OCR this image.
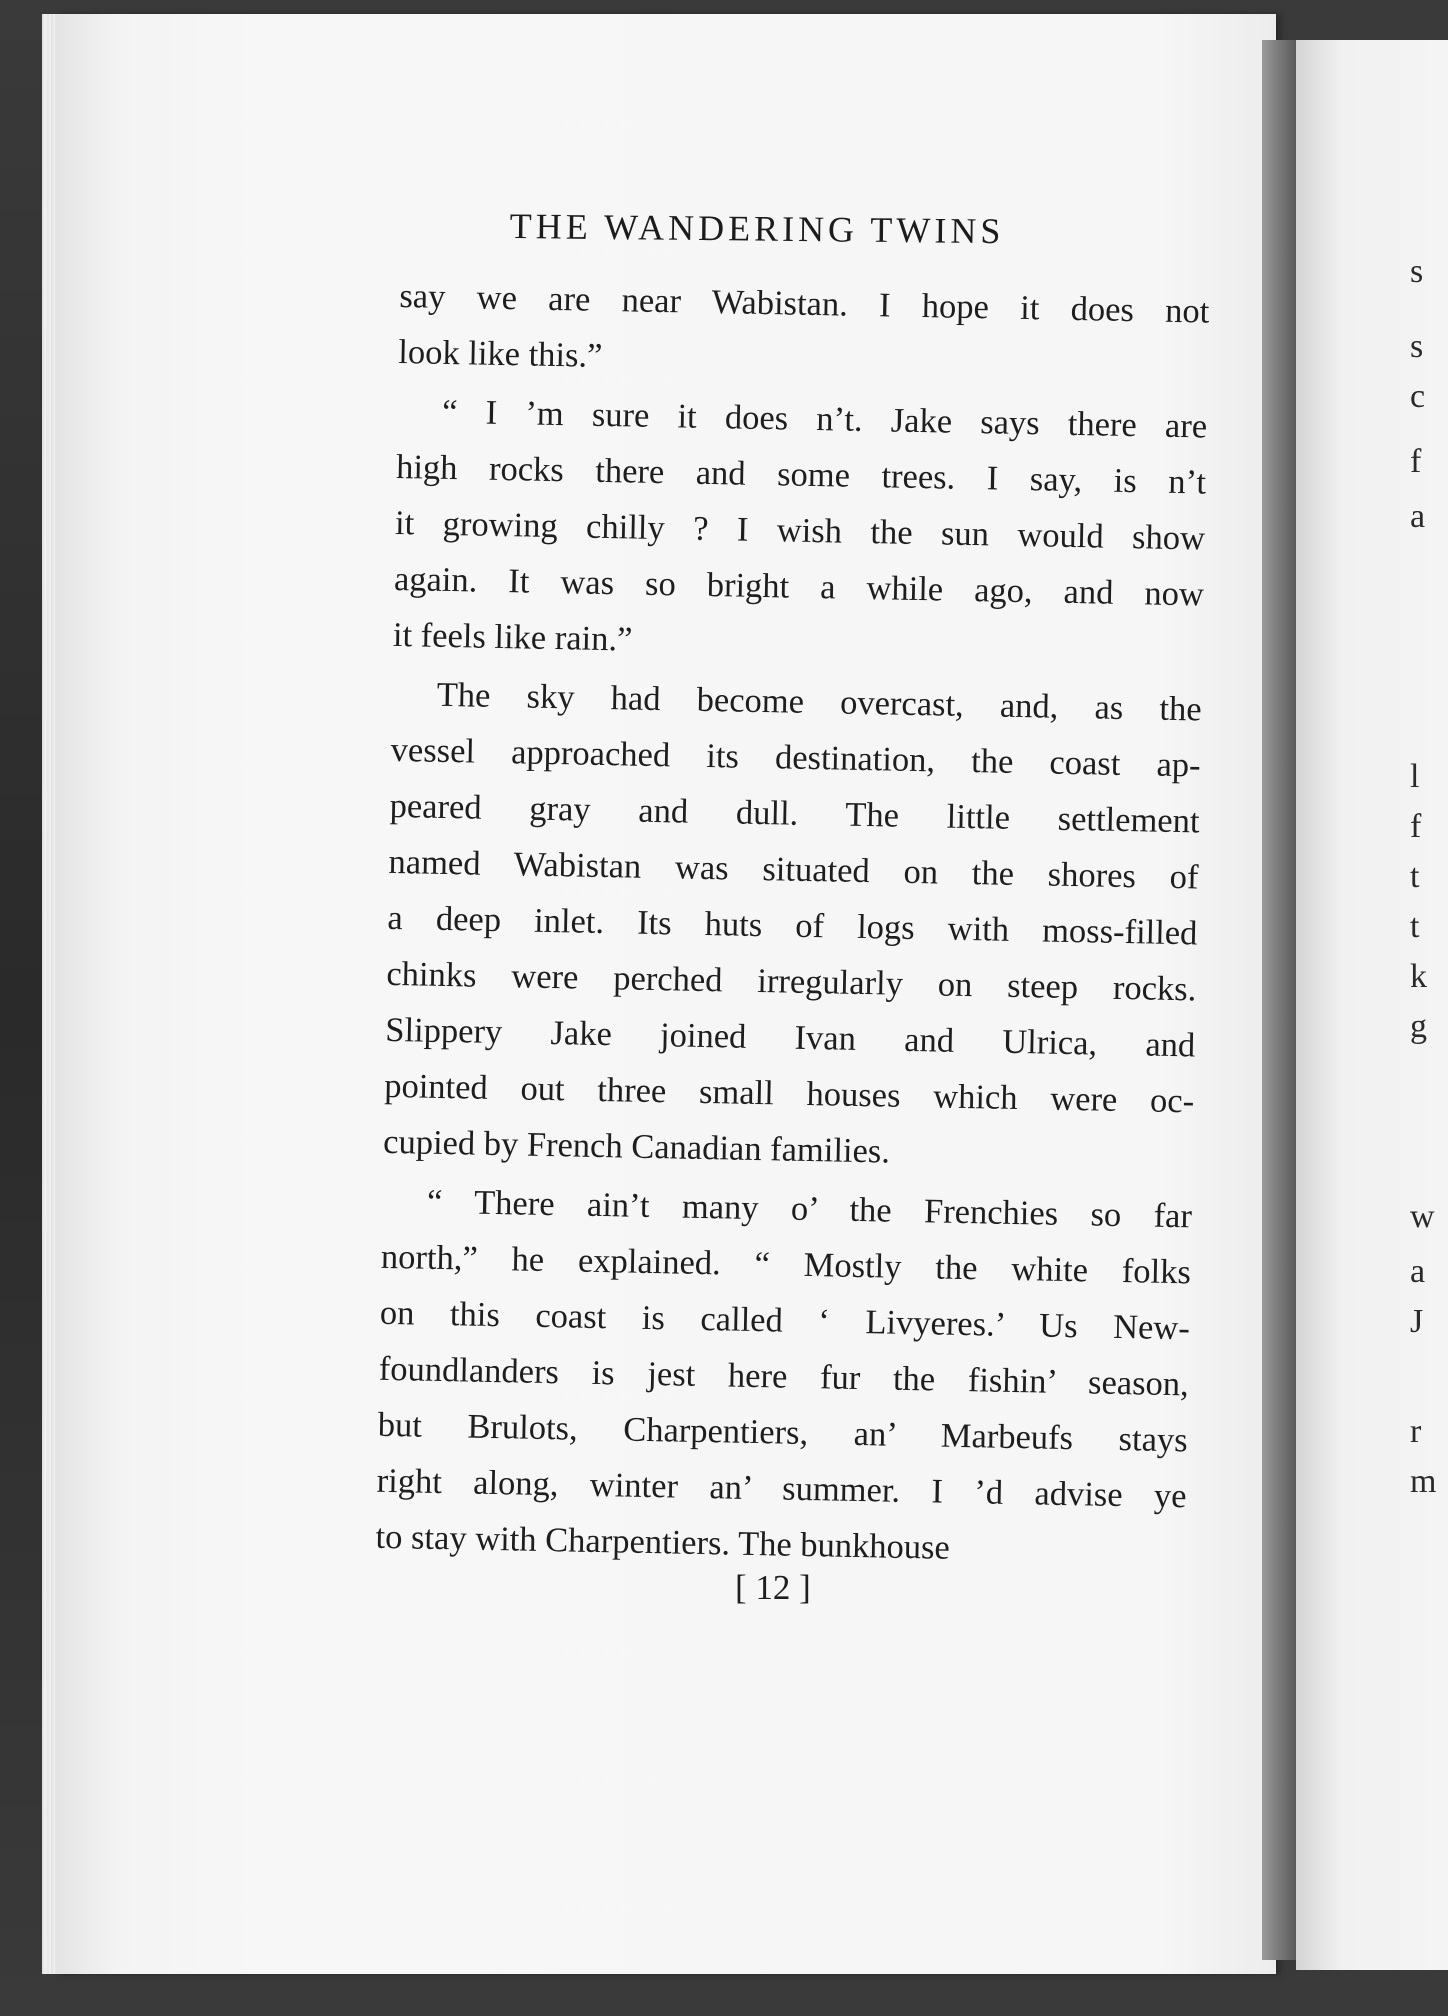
s
s
c
f
a
l
f
t
t
k
g
w
a
J
r
m
THE WANDERING TWINS

say we are near Wabistan. I hope it does not
look like this.”

“ I ’m sure it does n’t. Jake says there are
high rocks there and some trees. I say, is n’t
it growing chilly ? I wish the sun would show
again. It was so bright a while ago, and now
it feels like rain.”

The sky had become overcast, and, as the
vessel approached its destination, the coast ap-
peared gray and dull. The little settlement
named Wabistan was situated on the shores of
a deep inlet. Its huts of logs with moss-filled
chinks were perched irregularly on steep rocks.
Slippery Jake joined Ivan and Ulrica, and
pointed out three small houses which were oc-
cupied by French Canadian families.

“ There ain’t many o’ the Frenchies so far
north,” he explained. “ Mostly the white folks
on this coast is called ‘ Livyeres.’ Us New-
foundlanders is jest here fur the fishin’ season,
but Brulots, Charpentiers, an’ Marbeufs stays
right along, winter an’ summer. I ’d advise ye
to stay with Charpentiers. The bunkhouse

[ 12 ]
